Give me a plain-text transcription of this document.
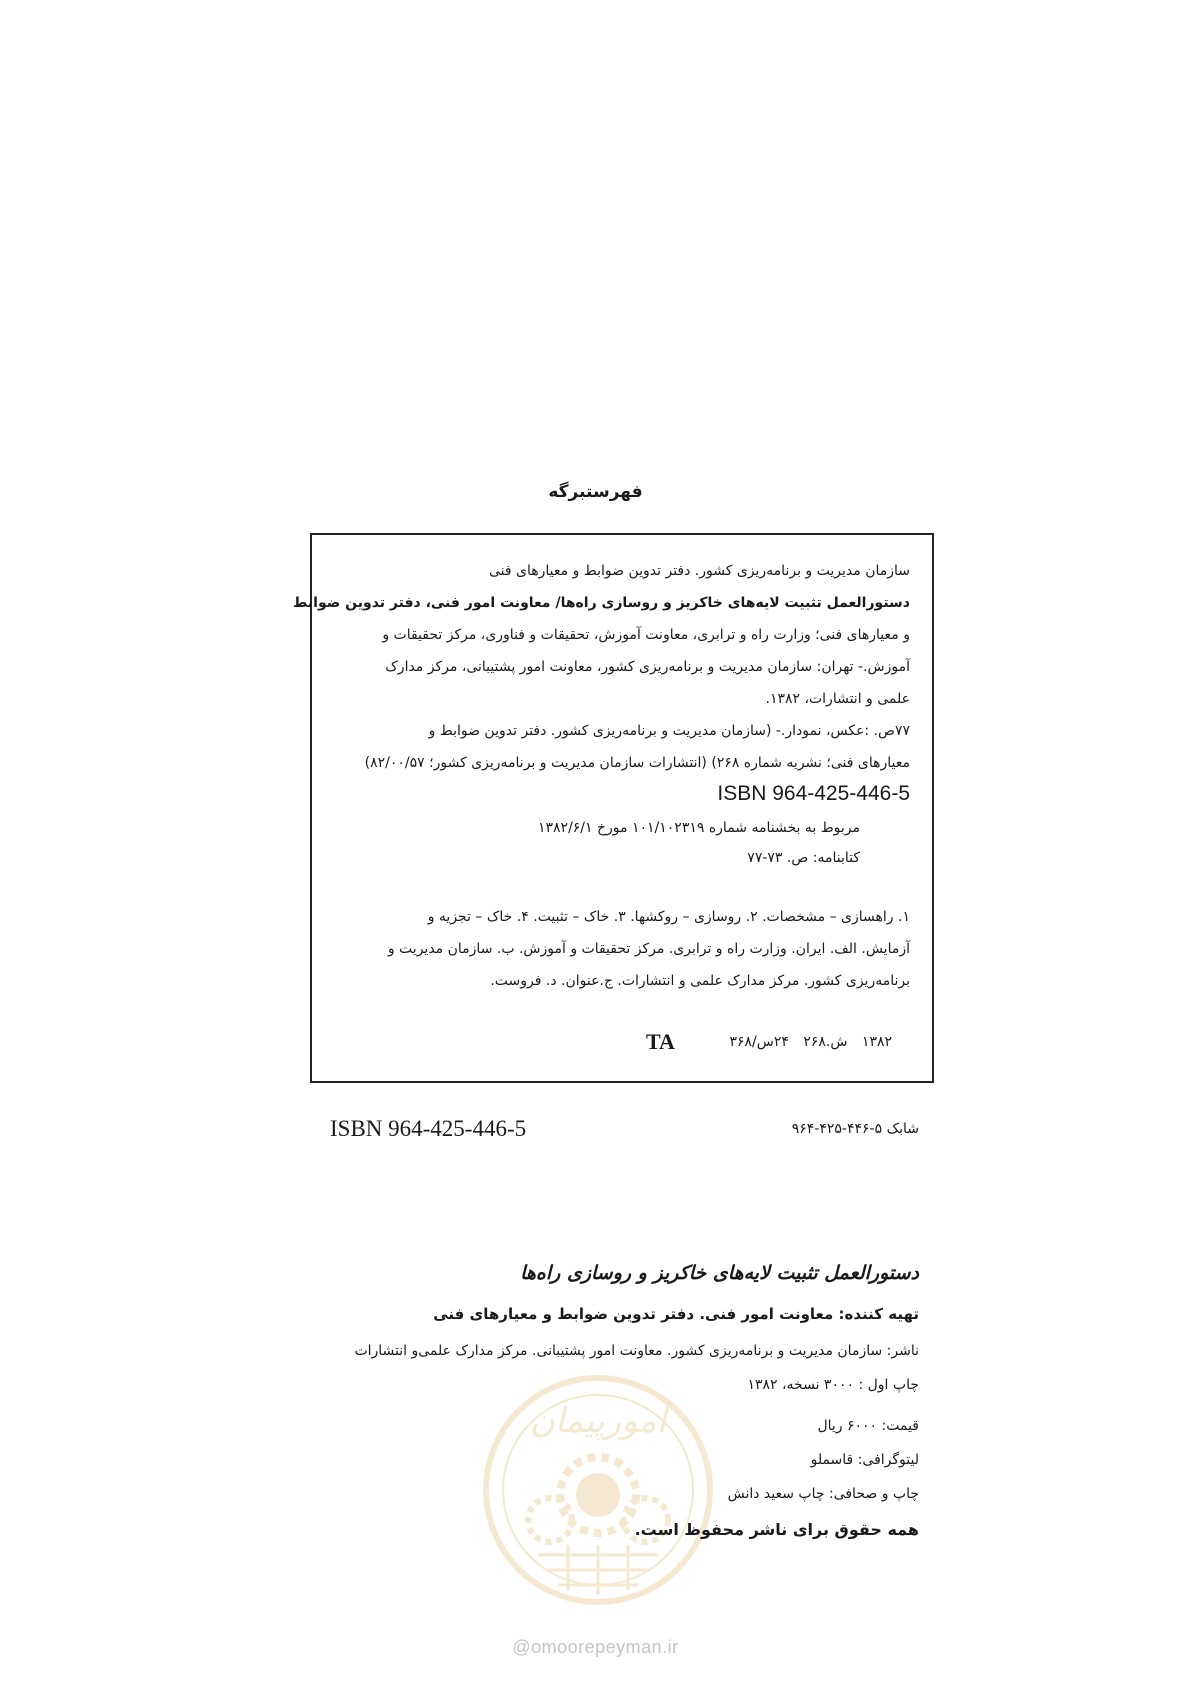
فهرستبرگه
سازمان مدیریت و برنامه‌ریزی کشور. دفتر تدوین ضوابط و معیارهای فنی
دستورالعمل تثبیت لایه‌های خاکریز و روسازی راه‌ها/ معاونت امور فنی، دفتر تدوین ضوابط
و معیارهای فنی؛ وزارت راه و ترابری، معاونت آموزش، تحقیقات و فناوری، مرکز تحقیقات و
آموزش.- تهران: سازمان مدیریت و برنامه‌ریزی کشور، معاونت امور پشتیبانی، مرکز مدارک
علمی و انتشارات، ۱۳۸۲.
۷۷ص. :عکس، نمودار.- (سازمان مدیریت و برنامه‌ریزی کشور. دفتر تدوین ضوابط و
معیارهای فنی؛ نشریه شماره ۲۶۸) (انتشارات سازمان مدیریت و برنامه‌ریزی کشور؛ ۸۲/۰۰/۵۷)
ISBN 964-425-446-5
مربوط به بخشنامه شماره ۱۰۱/۱۰۲۳۱۹ مورخ ۱۳۸۲/۶/۱
کتابنامه: ص. ۷۳-۷۷
۱. راهسازی – مشخصات. ۲. روسازی – روکشها. ۳. خاک – تثبیت. ۴. خاک – تجزیه و
آزمایش. الف. ایران. وزارت راه و ترابری. مرکز تحقیقات و آموزش. ب. سازمان مدیریت و
برنامه‌ریزی کشور. مرکز مدارک علمی و انتشارات. ج.عنوان. د. فروست.
۱۳۸۲ ش.۲۶۸ ۲۴س/۳۶۸
TA
ISBN 964-425-446-5	شابک ۵-۴۴۶-۴۲۵-۹۶۴
امورپیمان
@omoorepeyman.ir
دستورالعمل تثبیت لایه‌های خاکریز و روسازی راه‌ها
تهیه کننده: معاونت امور فنی. دفتر تدوین ضوابط و معیارهای فنی
ناشر: سازمان مدیریت و برنامه‌ریزی کشور. معاونت امور پشتیبانی. مرکز مدارک علمی‌و انتشارات
چاپ اول : ۳۰۰۰ نسخه، ۱۳۸۲
قیمت: ۶۰۰۰ ریال
لیتوگرافی: قاسملو
چاپ و صحافی: چاپ سعید دانش
همه حقوق برای ناشر محفوظ است.
